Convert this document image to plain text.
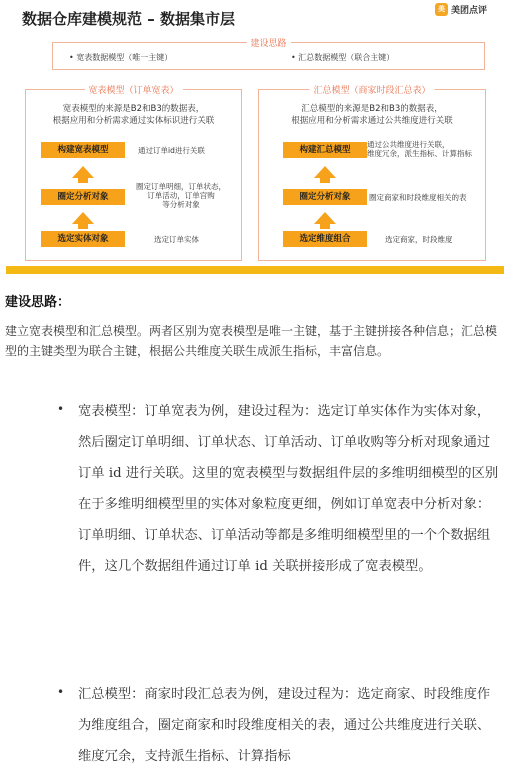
数据仓库建模规范 – 数据集市层
美团
美团点评
建设思路
• 宽表数据模型（唯一主键）	• 汇总数据模型（联合主键）
宽表模型（订单宽表）
宽表模型的来源是B2和B3的数据表，
根据应用和分析需求通过实体标识进行关联
构建宽表模型	通过订单id进行关联
圈定分析对象
圈定订单明细，订单状态，
订单活动，订单宫购
等分析对象
选定实体对象	选定订单实体
汇总模型（商家时段汇总表）
汇总模型的来源是B2和B3的数据表，
根据应用和分析需求通过公共维度进行关联
构建汇总模型
通过公共维度进行关联，
维度冗余，派生指标、计算指标
圈定分析对象	圈定商家和时段维度相关的表
选定维度组合	选定商家，时段维度
建设思路：
建立宽表模型和汇总模型。两者区别为宽表模型是唯一主键，基于主键拼接各种信息；汇总模型的主键类型为联合主键，根据公共维度关联生成派生指标，丰富信息。
• 宽表模型：订单宽表为例，建设过程为：选定订单实体作为实体对象，然后圈定订单明细、订单状态、订单活动、订单收购等分析对现象通过订单 id 进行关联。这里的宽表模型与数据组件层的多维明细模型的区别在于多维明细模型里的实体对象粒度更细，例如订单宽表中分析对象：订单明细、订单状态、订单活动等都是多维明细模型里的一个个数据组件，这几个数据组件通过订单 id 关联拼接形成了宽表模型。
• 汇总模型：商家时段汇总表为例，建设过程为：选定商家、时段维度作为维度组合，圈定商家和时段维度相关的表，通过公共维度进行关联、维度冗余，支持派生指标、计算指标
